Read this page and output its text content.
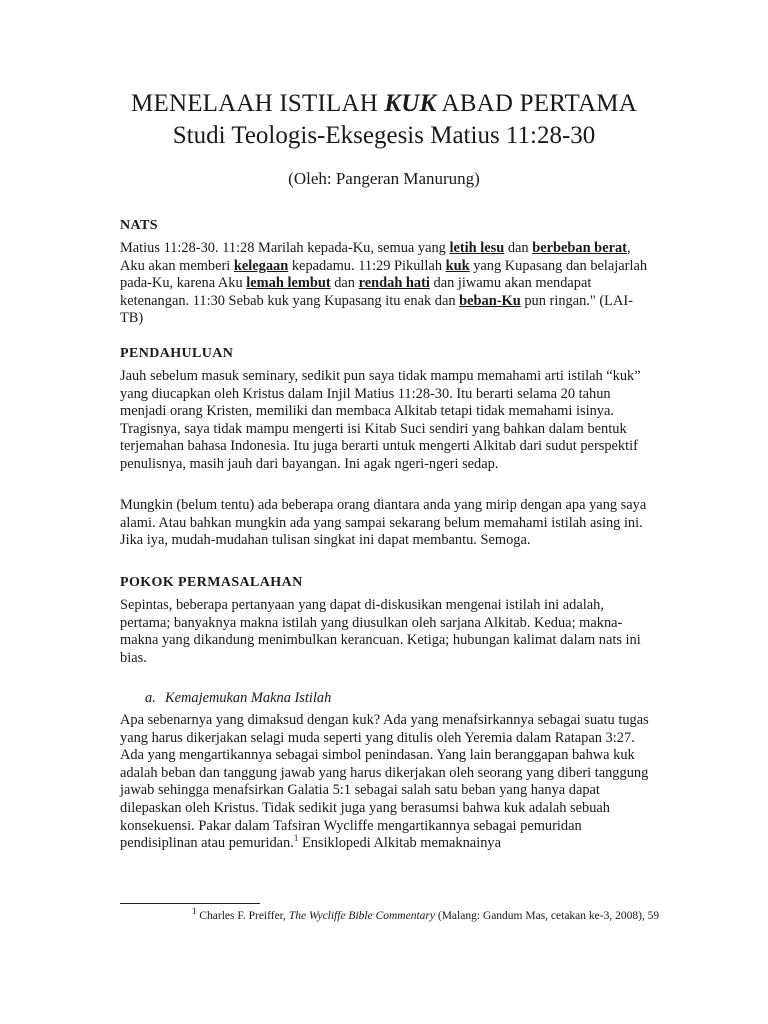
MENELAAH ISTILAH KUK ABAD PERTAMA
Studi Teologis-Eksegesis Matius 11:28-30
(Oleh: Pangeran Manurung)
NATS

Matius 11:28-30. 11:28 Marilah kepada-Ku, semua yang letih lesu dan berbeban berat, Aku akan memberi kelegaan kepadamu. 11:29 Pikullah kuk yang Kupasang dan belajarlah pada-Ku, karena Aku lemah lembut dan rendah hati dan jiwamu akan mendapat ketenangan. 11:30 Sebab kuk yang Kupasang itu enak dan beban-Ku pun ringan." (LAI-TB)

PENDAHULUAN

Jauh sebelum masuk seminary, sedikit pun saya tidak mampu memahami arti istilah “kuk” yang diucapkan oleh Kristus dalam Injil Matius 11:28-30. Itu berarti selama 20 tahun menjadi orang Kristen, memiliki dan membaca Alkitab tetapi tidak memahami isinya. Tragisnya, saya tidak mampu mengerti isi Kitab Suci sendiri yang bahkan dalam bentuk terjemahan bahasa Indonesia. Itu juga berarti untuk mengerti Alkitab dari sudut perspektif penulisnya, masih jauh dari bayangan. Ini agak ngeri-ngeri sedap.

Mungkin (belum tentu) ada beberapa orang diantara anda yang mirip dengan apa yang saya alami. Atau bahkan mungkin ada yang sampai sekarang belum memahami istilah asing ini. Jika iya, mudah-mudahan tulisan singkat ini dapat membantu. Semoga.

POKOK PERMASALAHAN

Sepintas, beberapa pertanyaan yang dapat di-diskusikan mengenai istilah ini adalah, pertama; banyaknya makna istilah yang diusulkan oleh sarjana Alkitab. Kedua; makna-makna yang dikandung menimbulkan kerancuan. Ketiga; hubungan kalimat dalam nats ini bias.

a. Kemajemukan Makna Istilah

Apa sebenarnya yang dimaksud dengan kuk? Ada yang menafsirkannya sebagai suatu tugas yang harus dikerjakan selagi muda seperti yang ditulis oleh Yeremia dalam Ratapan 3:27. Ada yang mengartikannya sebagai simbol penindasan. Yang lain beranggapan bahwa kuk adalah beban dan tanggung jawab yang harus dikerjakan oleh seorang yang diberi tanggung jawab sehingga menafsirkan Galatia 5:1 sebagai salah satu beban yang hanya dapat dilepaskan oleh Kristus. Tidak sedikit juga yang berasumsi bahwa kuk adalah sebuah konsekuensi. Pakar dalam Tafsiran Wycliffe mengartikannya sebagai pemuridan pendisiplinan atau pemuridan.$^1$ Ensiklopedi Alkitab memaknainya

$^1$ Charles F. Preiffer, The Wycliffe Bible Commentary (Malang: Gandum Mas, cetakan ke-3, 2008), 59
